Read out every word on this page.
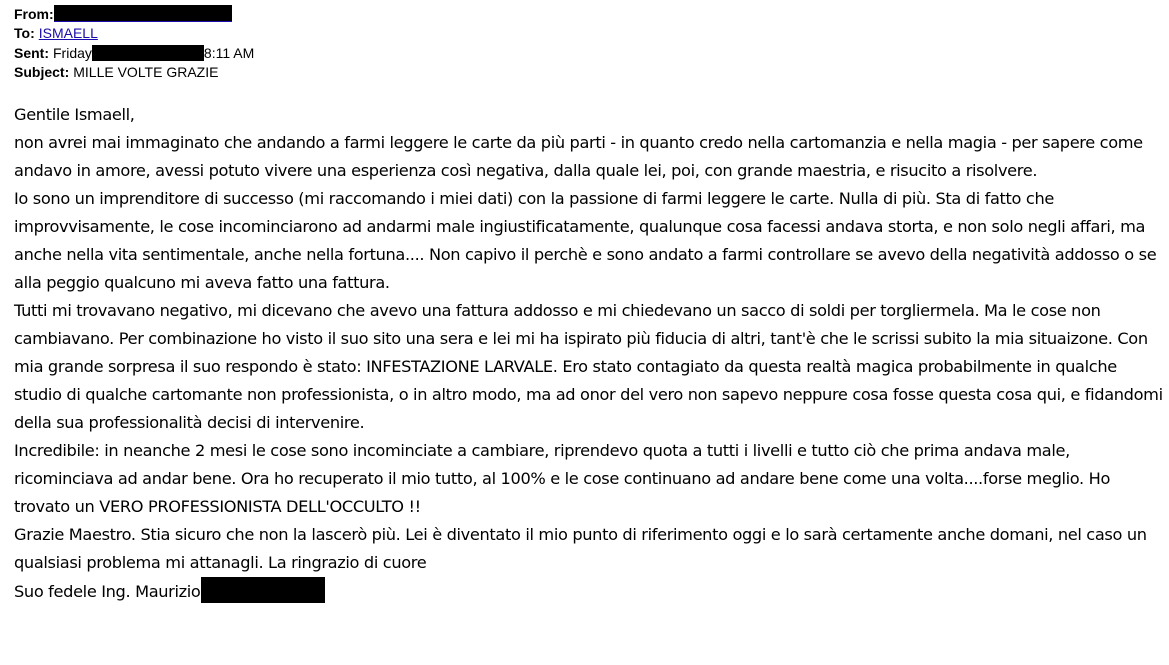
From:
To: ISMAELL
Sent: Friday	8:11 AM
Subject: MILLE VOLTE GRAZIE

Gentile Ismaell,

non avrei mai immaginato che andando a farmi leggere le carte da più parti - in quanto credo nella cartomanzia e nella magia - per sapere come andavo in amore, avessi potuto vivere una esperienza così negativa, dalla quale lei, poi, con grande maestria, e risucito a risolvere.

Io sono un imprenditore di successo (mi raccomando i miei dati) con la passione di farmi leggere le carte. Nulla di più. Sta di fatto che improvvisamente, le cose incominciarono ad andarmi male ingiustificatamente, qualunque cosa facessi andava storta, e non solo negli affari, ma anche nella vita sentimentale, anche nella fortuna.... Non capivo il perchè e sono andato a farmi controllare se avevo della negatività addosso o se alla peggio qualcuno mi aveva fatto una fattura.

Tutti mi trovavano negativo, mi dicevano che avevo una fattura addosso e mi chiedevano un sacco di soldi per torgliermela. Ma le cose non cambiavano. Per combinazione ho visto il suo sito una sera e lei mi ha ispirato più fiducia di altri, tant'è che le scrissi subito la mia situaizone. Con mia grande sorpresa il suo respondo è stato: INFESTAZIONE LARVALE. Ero stato contagiato da questa realtà magica probabilmente in qualche studio di qualche cartomante non professionista, o in altro modo, ma ad onor del vero non sapevo neppure cosa fosse questa cosa qui, e fidandomi della sua professionalità decisi di intervenire.

Incredibile: in neanche 2 mesi le cose sono incominciate a cambiare, riprendevo quota a tutti i livelli e tutto ciò che prima andava male, ricominciava ad andar bene. Ora ho recuperato il mio tutto, al 100% e le cose continuano ad andare bene come una volta....forse meglio. Ho trovato un VERO PROFESSIONISTA DELL'OCCULTO !!

Grazie Maestro. Stia sicuro che non la lascerò più. Lei è diventato il mio punto di riferimento oggi e lo sarà certamente anche domani, nel caso un qualsiasi problema mi attanagli. La ringrazio di cuore

Suo fedele Ing. Maurizio
